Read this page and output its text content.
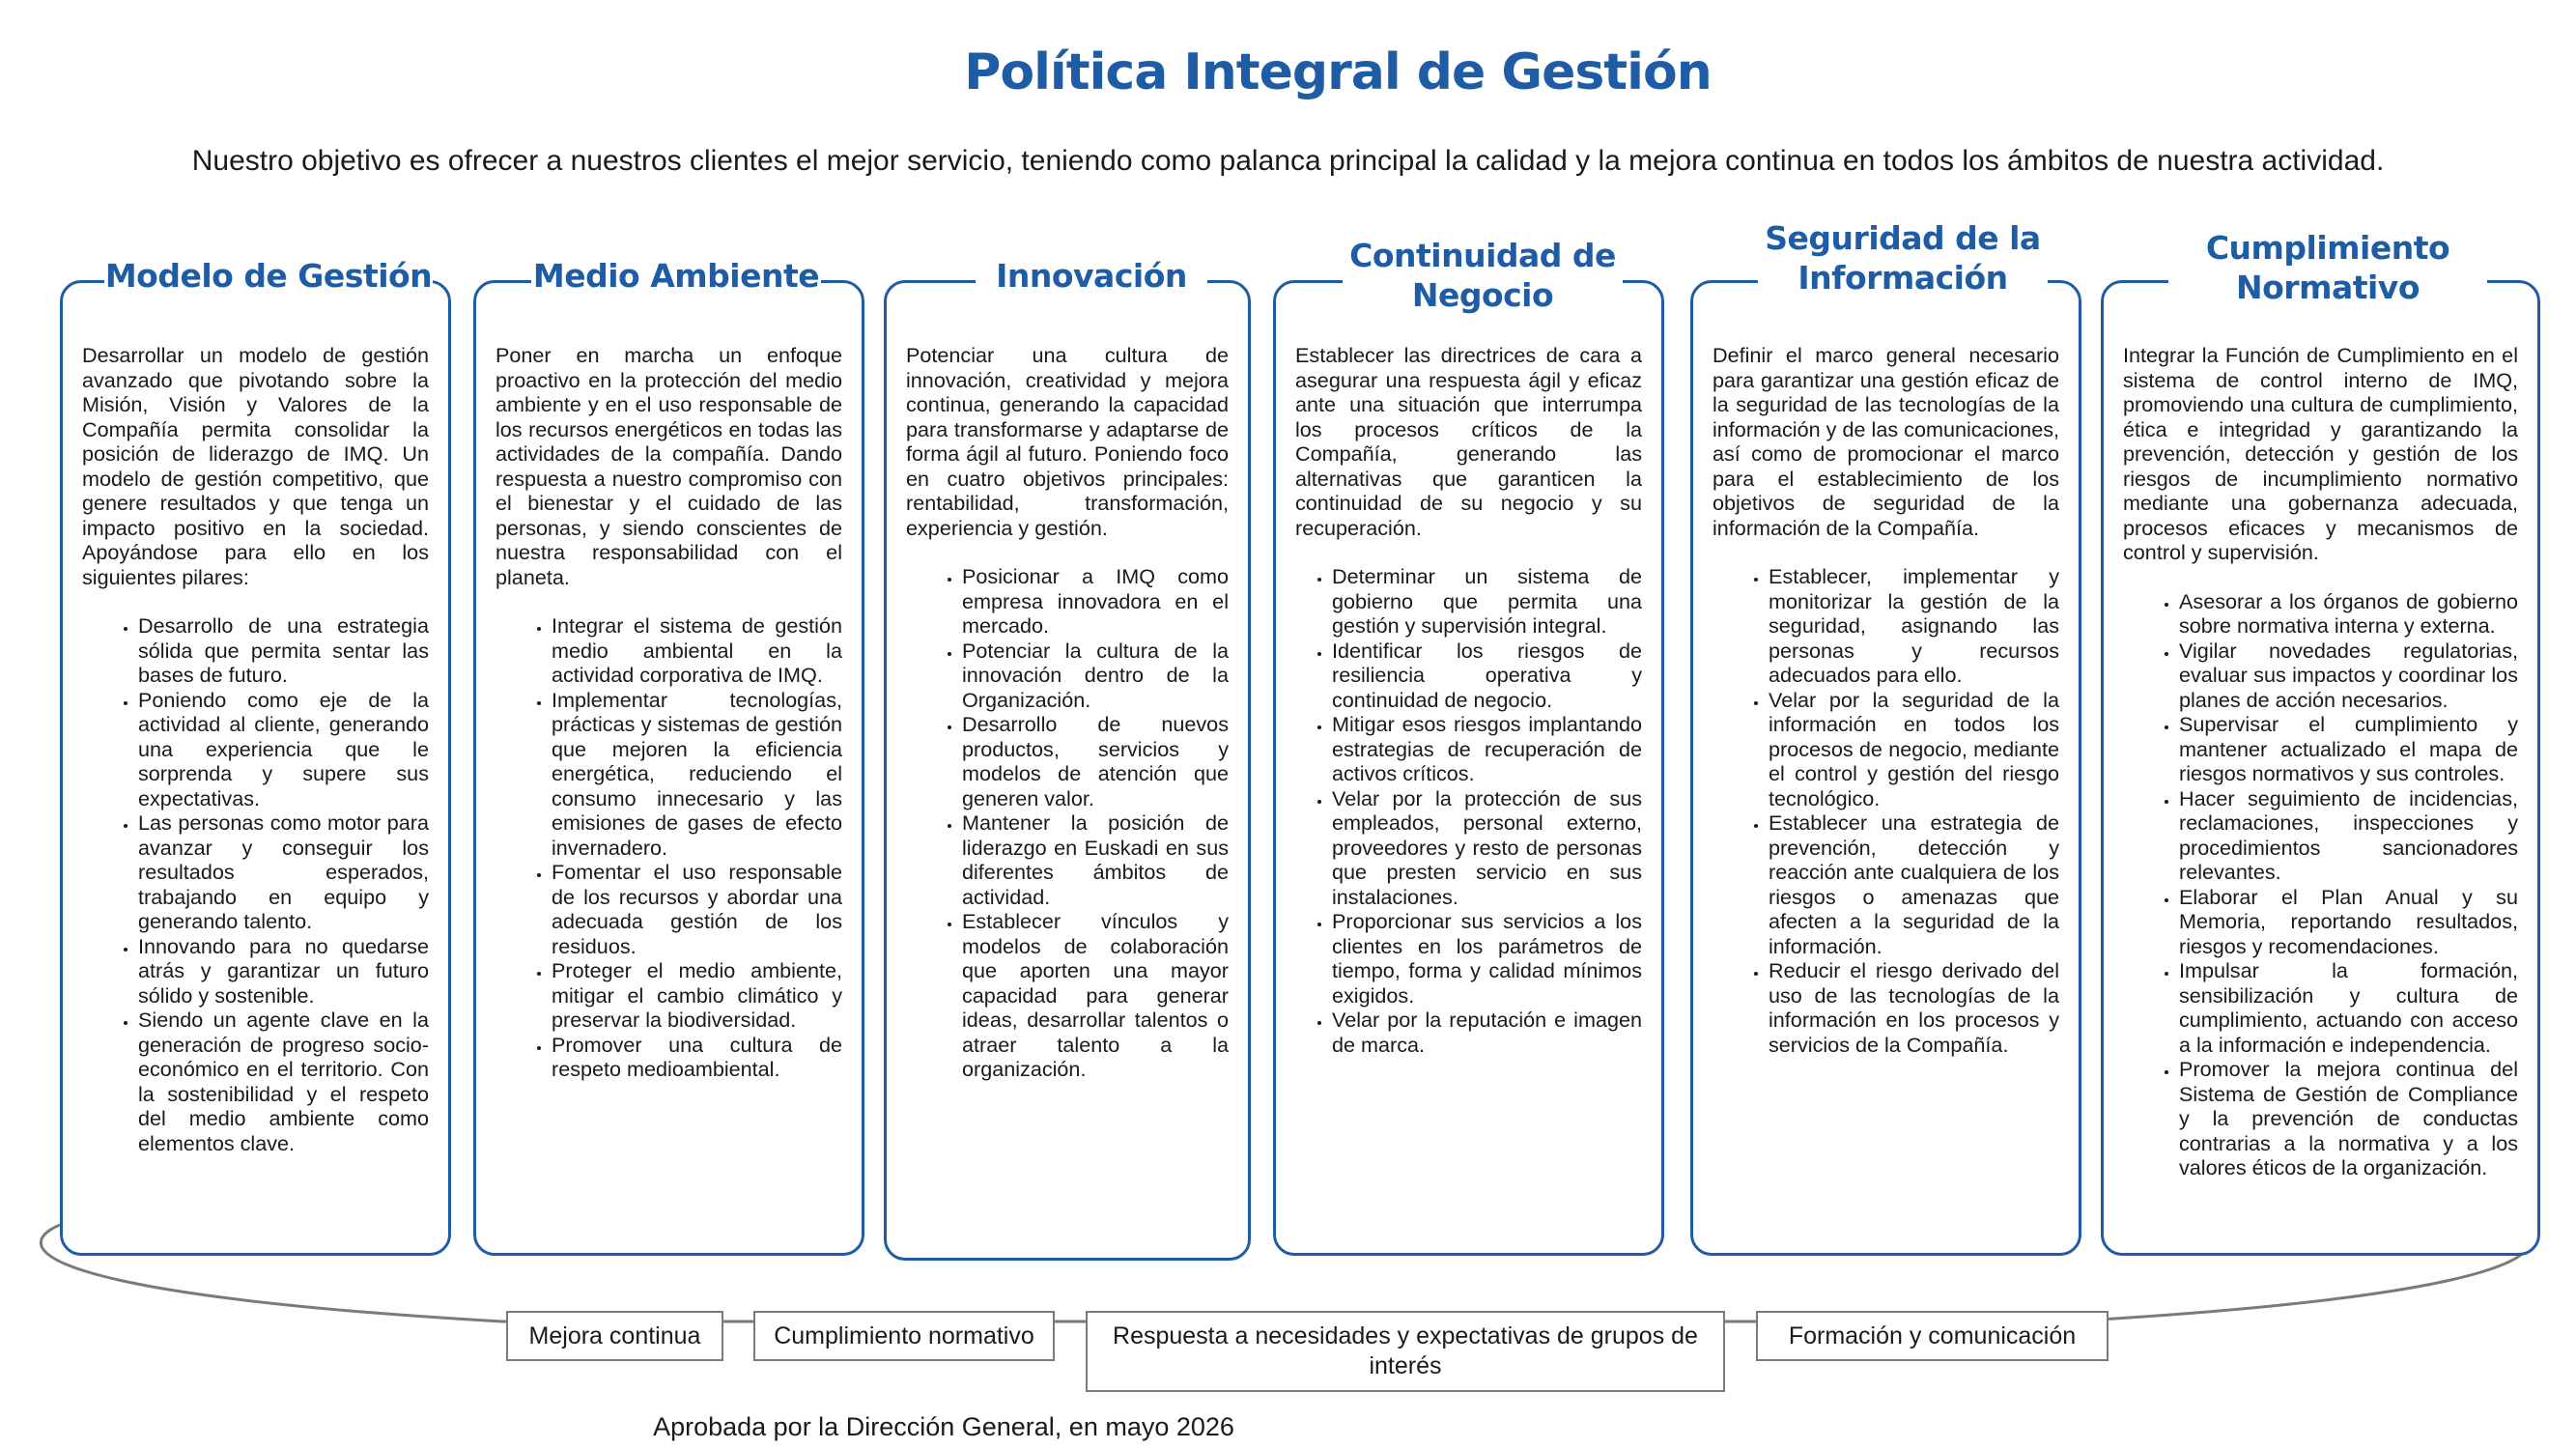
Política Integral de Gestión
Nuestro objetivo es ofrecer a nuestros clientes el mejor servicio, teniendo como palanca principal la calidad y la mejora continua en todos los ámbitos de nuestra actividad.
Modelo de Gestión

Desarrollar un modelo de gestión avanzado que pivotando sobre la Misión, Visión y Valores de la Compañía permita consolidar la posición de liderazgo de IMQ. Un modelo de gestión competitivo, que genere resultados y que tenga un impacto positivo en la sociedad. Apoyándose para ello en los siguientes pilares:

• Desarrollo de una estrategia sólida que permita sentar las bases de futuro.
• Poniendo como eje de la actividad al cliente, generando una experiencia que le sorprenda y supere sus expectativas.
• Las personas como motor para avanzar y conseguir los resultados esperados, trabajando en equipo y generando talento.
• Innovando para no quedarse atrás y garantizar un futuro sólido y sostenible.
• Siendo un agente clave en la generación de progreso socio-económico en el territorio. Con la sostenibilidad y el respeto del medio ambiente como elementos clave.
Medio Ambiente

Poner en marcha un enfoque proactivo en la protección del medio ambiente y en el uso responsable de los recursos energéticos en todas las actividades de la compañía. Dando respuesta a nuestro compromiso con el bienestar y el cuidado de las personas, y siendo conscientes de nuestra responsabilidad con el planeta.

• Integrar el sistema de gestión medio ambiental en la actividad corporativa de IMQ.
• Implementar tecnologías, prácticas y sistemas de gestión que mejoren la eficiencia energética, reduciendo el consumo innecesario y las emisiones de gases de efecto invernadero.
• Fomentar el uso responsable de los recursos y abordar una adecuada gestión de los residuos.
• Proteger el medio ambiente, mitigar el cambio climático y preservar la biodiversidad.
• Promover una cultura de respeto medioambiental.
Innovación

Potenciar una cultura de innovación, creatividad y mejora continua, generando la capacidad para transformarse y adaptarse de forma ágil al futuro. Poniendo foco en cuatro objetivos principales: rentabilidad, transformación, experiencia y gestión.

• Posicionar a IMQ como empresa innovadora en el mercado.
• Potenciar la cultura de la innovación dentro de la Organización.
• Desarrollo de nuevos productos, servicios y modelos de atención que generen valor.
• Mantener la posición de liderazgo en Euskadi en sus diferentes ámbitos de actividad.
• Establecer vínculos y modelos de colaboración que aporten una mayor capacidad para generar ideas, desarrollar talentos o atraer talento a la organización.
Continuidad de Negocio

Establecer las directrices de cara a asegurar una respuesta ágil y eficaz ante una situación que interrumpa los procesos críticos de la Compañía, generando las alternativas que garanticen la continuidad de su negocio y su recuperación.

• Determinar un sistema de gobierno que permita una gestión y supervisión integral.
• Identificar los riesgos de resiliencia operativa y continuidad de negocio.
• Mitigar esos riesgos implantando estrategias de recuperación de activos críticos.
• Velar por la protección de sus empleados, personal externo, proveedores y resto de personas que presten servicio en sus instalaciones.
• Proporcionar sus servicios a los clientes en los parámetros de tiempo, forma y calidad mínimos exigidos.
• Velar por la reputación e imagen de marca.
Seguridad de la Información

Definir el marco general necesario para garantizar una gestión eficaz de la seguridad de las tecnologías de la información y de las comunicaciones, así como de promocionar el marco para el establecimiento de los objetivos de seguridad de la información de la Compañía.

• Establecer, implementar y monitorizar la gestión de la seguridad, asignando las personas y recursos adecuados para ello.
• Velar por la seguridad de la información en todos los procesos de negocio, mediante el control y gestión del riesgo tecnológico.
• Establecer una estrategia de prevención, detección y reacción ante cualquiera de los riesgos o amenazas que afecten a la seguridad de la información.
• Reducir el riesgo derivado del uso de las tecnologías de la información en los procesos y servicios de la Compañía.
Cumplimiento Normativo

Integrar la Función de Cumplimiento en el sistema de control interno de IMQ, promoviendo una cultura de cumplimiento, ética e integridad y garantizando la prevención, detección y gestión de los riesgos de incumplimiento normativo mediante una gobernanza adecuada, procesos eficaces y mecanismos de control y supervisión.

• Asesorar a los órganos de gobierno sobre normativa interna y externa.
• Vigilar novedades regulatorias, evaluar sus impactos y coordinar los planes de acción necesarios.
• Supervisar el cumplimiento y mantener actualizado el mapa de riesgos normativos y sus controles.
• Hacer seguimiento de incidencias, reclamaciones, inspecciones y procedimientos sancionadores relevantes.
• Elaborar el Plan Anual y su Memoria, reportando resultados, riesgos y recomendaciones.
• Impulsar la formación, sensibilización y cultura de cumplimiento, actuando con acceso a la información e independencia.
• Promover la mejora continua del Sistema de Gestión de Compliance y la prevención de conductas contrarias a la normativa y a los valores éticos de la organización.
Mejora continua	Cumplimiento normativo	Respuesta a necesidades y expectativas de grupos de interés
Formación y comunicación
Aprobada por la Dirección General, en mayo 2026
